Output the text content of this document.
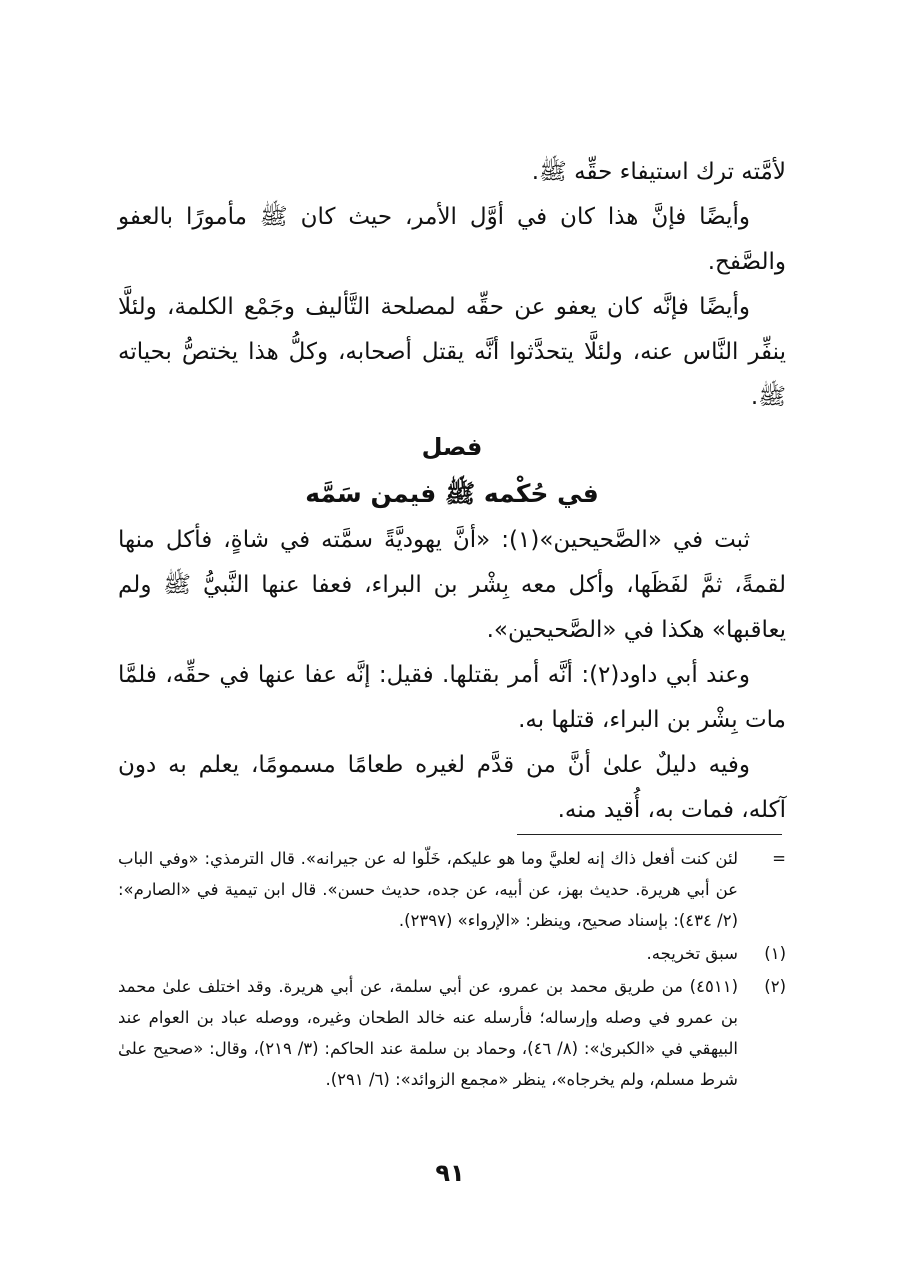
لأمَّته ترك استيفاء حقِّه ﷺ.

وأيضًا فإنَّ هذا كان في أوَّل الأمر، حيث كان ﷺ مأمورًا بالعفو والصَّفح.

وأيضًا فإنَّه كان يعفو عن حقِّه لمصلحة التَّأليف وجَمْع الكلمة، ولئلَّا ينفِّر النَّاس عنه، ولئلَّا يتحدَّثوا أنَّه يقتل أصحابه، وكلُّ هذا يختصُّ بحياته ﷺ.

فصل

في حُكْمه ﷺ فيمن سَمَّه

ثبت في «الصَّحيحين»(١): «أنَّ يهوديَّةً سمَّته في شاةٍ، فأكل منها لقمةً، ثمَّ لفَظَها، وأكل معه بِشْر بن البراء، فعفا عنها النَّبيُّ ﷺ ولم يعاقبها» هكذا في «الصَّحيحين».

وعند أبي داود(٢): أنَّه أمر بقتلها. فقيل: إنَّه عفا عنها في حقِّه، فلمَّا مات بِشْر بن البراء، قتلها به.

وفيه دليلٌ علىٰ أنَّ من قدَّم لغيره طعامًا مسمومًا، يعلم به دون آكله، فمات به، أُقيد منه.

=
لئن كنت أفعل ذاك إنه لعليَّ وما هو عليكم، خَلّوا له عن جيرانه». قال الترمذي: «وفي الباب عن أبي هريرة. حديث بهز، عن أبيه، عن جده، حديث حسن». قال ابن تيمية في «الصارم»: (٢/ ٤٣٤): بإسناد صحيح، وينظر: «الإرواء» (٢٣٩٧).
(١)
سبق تخريجه.
(٢)
(٤٥١١) من طريق محمد بن عمرو، عن أبي سلمة، عن أبي هريرة. وقد اختلف علىٰ محمد بن عمرو في وصله وإرساله؛ فأرسله عنه خالد الطحان وغيره، ووصله عباد بن العوام عند البيهقي في «الكبرىٰ»: (٨/ ٤٦)، وحماد بن سلمة عند الحاكم: (٣/ ٢١٩)، وقال: «صحيح علىٰ شرط مسلم، ولم يخرجاه»، ينظر «مجمع الزوائد»: (٦/ ٢٩١).
٩١
